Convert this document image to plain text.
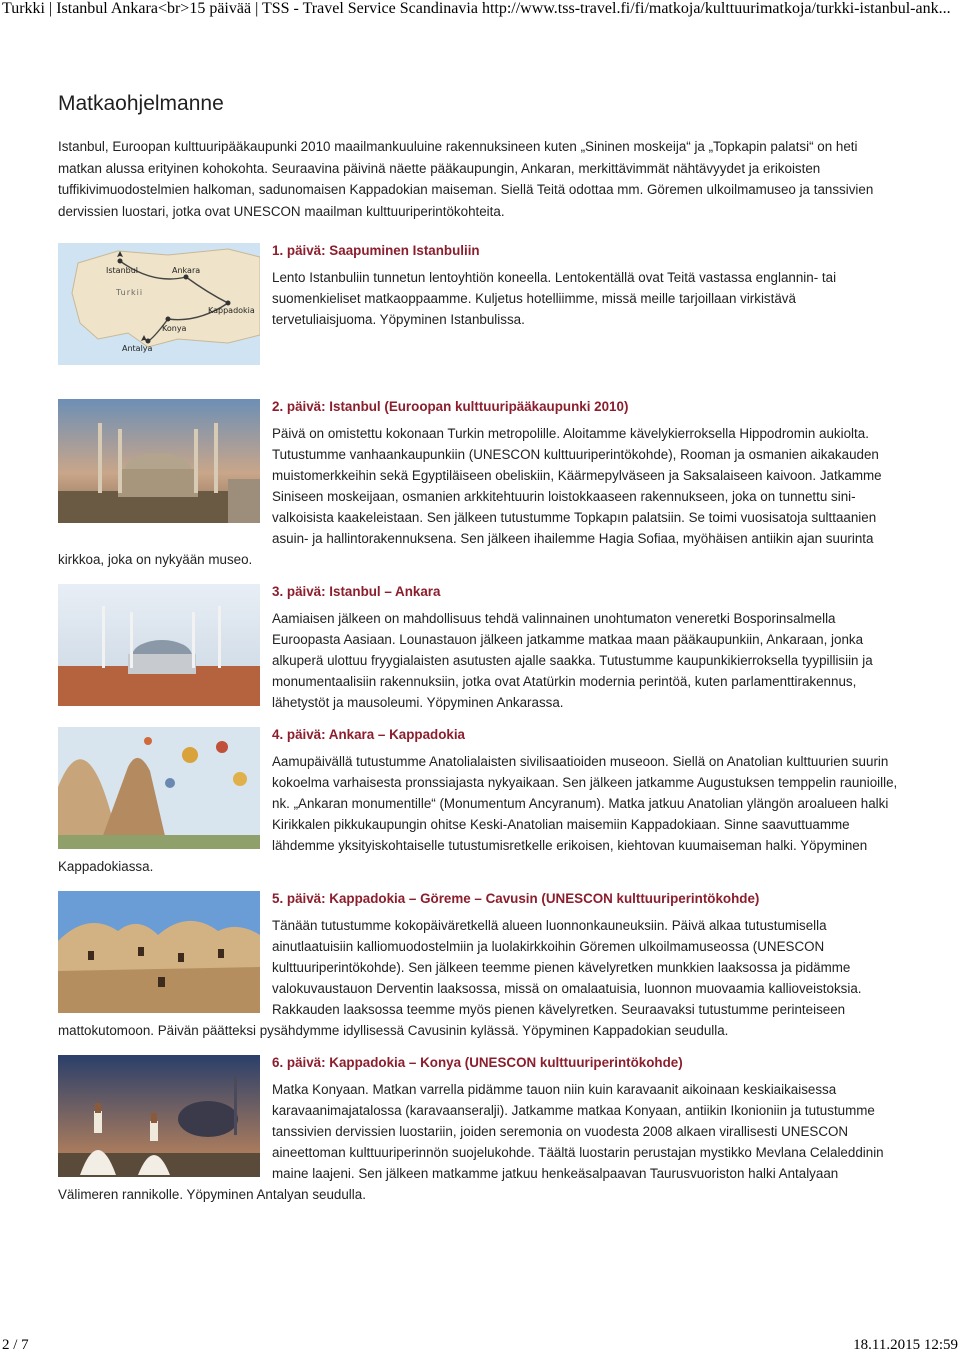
Turkki | Istanbul Ankara<br>15 päivää | TSS - Travel Service Scandinavia http://www.tss-travel.fi/fi/matkoja/kulttuurimatkoja/turkki-istanbul-ank...
Matkaohjelmanne

Istanbul, Euroopan kulttuuripääkaupunki 2010 maailmankuuluine rakennuksineen kuten „Sininen moskeija“ ja „Topkapin palatsi“ on heti matkan alussa erityinen kohokohta. Seuraavina päivinä näette pääkaupungin, Ankaran, merkittävimmät nähtävyydet ja erikoisten tuffikivimuodostelmien halkoman, sadunomaisen Kappadokian maiseman. Siellä Teitä odottaa mm. Göremen ulkoilmamuseo ja tanssivien dervissien luostari, jotka ovat UNESCON maailman kulttuuriperintökohteita.

Istanbul
Turkii
Ankara
Kappadokia
Konya
Antalya
1. päivä: Saapuminen Istanbuliin

Lento Istanbuliin tunnetun lentoyhtiön koneella. Lentokentällä ovat Teitä vastassa englannin- tai suomenkieliset matkaoppaamme. Kuljetus hotelliimme, missä meille tarjoillaan virkistävä tervetuliaisjuoma. Yöpyminen Istanbulissa.

2. päivä: Istanbul (Euroopan kulttuuripääkaupunki 2010)

Päivä on omistettu kokonaan Turkin metropolille. Aloitamme kävelykierroksella Hippodromin aukiolta. Tutustumme vanhaankaupunkiin (UNESCON kulttuuriperintökohde), Rooman ja osmanien aikakauden muistomerkkeihin sekä Egyptiläiseen obeliskiin, Käärmepylväseen ja Saksalaiseen kaivoon. Jatkamme Siniseen moskeijaan, osmanien arkkitehtuurin loistokkaaseen rakennukseen, joka on tunnettu sini-valkoisista kaakeleistaan. Sen jälkeen tutustumme Topkapın palatsiin. Se toimi vuosisatoja sulttaanien asuin- ja hallintorakennuksena. Sen jälkeen ihailemme Hagia Sofiaa, myöhäisen antiikin ajan suurinta kirkkoa, joka on nykyään museo.

3. päivä: Istanbul – Ankara

Aamiaisen jälkeen on mahdollisuus tehdä valinnainen unohtumaton veneretki Bosporinsalmella Euroopasta Aasiaan. Lounastauon jälkeen jatkamme matkaa maan pääkaupunkiin, Ankaraan, jonka alkuperä ulottuu fryygialaisten asutusten ajalle saakka. Tutustumme kaupunkikierroksella tyypillisiin ja monumentaalisiin rakennuksiin, jotka ovat Atatürkin modernia perintöä, kuten parlamenttirakennus, lähetystöt ja mausoleumi. Yöpyminen Ankarassa.

4. päivä: Ankara – Kappadokia

Aamupäivällä tutustumme Anatolialaisten sivilisaatioiden museoon. Siellä on Anatolian kulttuurien suurin kokoelma varhaisesta pronssiajasta nykyaikaan. Sen jälkeen jatkamme Augustuksen temppelin raunioille, nk. „Ankaran monumentille“ (Monumentum Ancyranum). Matka jatkuu Anatolian ylängön aroalueen halki Kirikkalen pikkukaupungin ohitse Keski-Anatolian maisemiin Kappadokiaan. Sinne saavuttuamme lähdemme yksityiskohtaiselle tutustumisretkelle erikoisen, kiehtovan kuumaiseman halki. Yöpyminen Kappadokiassa.

5. päivä: Kappadokia – Göreme – Cavusin (UNESCON kulttuuriperintökohde)

Tänään tutustumme kokopäiväretkellä alueen luonnonkauneuksiin. Päivä alkaa tutustumisella ainutlaatuisiin kalliomuodostelmiin ja luolakirkkoihin Göremen ulkoilmamuseossa (UNESCON kulttuuriperintökohde). Sen jälkeen teemme pienen kävelyretken munkkien laaksossa ja pidämme valokuvaustauon Derventin laaksossa, missä on omalaatuisia, luonnon muovaamia kallioveistoksia. Rakkauden laaksossa teemme myös pienen kävelyretken. Seuraavaksi tutustumme perinteiseen mattokutomoon. Päivän päätteksi pysähdymme idyllisessä Cavusinin kylässä. Yöpyminen Kappadokian seudulla.

6. päivä: Kappadokia – Konya (UNESCON kulttuuriperintökohde)

Matka Konyaan. Matkan varrella pidämme tauon niin kuin karavaanit aikoinaan keskiaikaisessa karavaanimajatalossa (karavaanseralji). Jatkamme matkaa Konyaan, antiikin Ikonioniin ja tutustumme tanssivien dervissien luostariin, joiden seremonia on vuodesta 2008 alkaen virallisesti UNESCON aineettoman kulttuuriperinnön suojelukohde. Täältä luostarin perustajan mystikko Mevlana Celaleddinin maine laajeni. Sen jälkeen matkamme jatkuu henkeäsalpaavan Taurusvuoriston halki Antalyaan Välimeren rannikolle. Yöpyminen Antalyan seudulla.

2 / 7	18.11.2015 12:59
